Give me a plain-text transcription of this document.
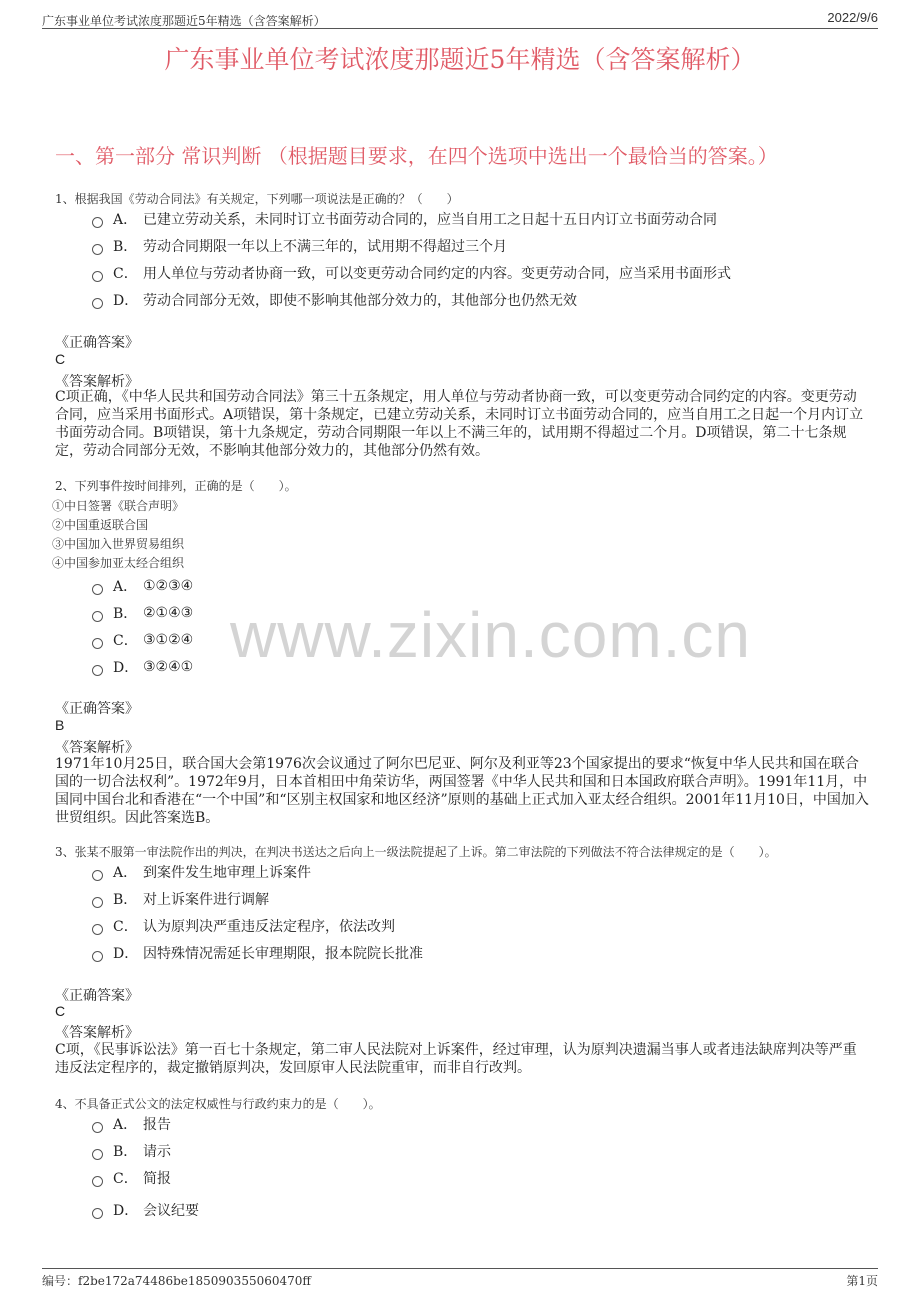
广东事业单位考试浓度那题近5年精选（含答案解析）	2022/9/6
广东事业单位考试浓度那题近5年精选（含答案解析）
一、第一部分 常识判断 （根据题目要求，在四个选项中选出一个最恰当的答案。）
www.zixin.com.cn
1、根据我国《劳动合同法》有关规定，下列哪一项说法是正确的？（　　）
A． 已建立劳动关系，未同时订立书面劳动合同的，应当自用工之日起十五日内订立书面劳动合同
B． 劳动合同期限一年以上不满三年的，试用期不得超过三个月
C． 用人单位与劳动者协商一致，可以变更劳动合同约定的内容。变更劳动合同，应当采用书面形式
D． 劳动合同部分无效，即使不影响其他部分效力的，其他部分也仍然无效
《正确答案》
C
《答案解析》

C项正确，《中华人民共和国劳动合同法》第三十五条规定，用人单位与劳动者协商一致，可以变更劳动合同约定的内容。变更劳动合同，应当采用书面形式。A项错误，第十条规定，已建立劳动关系，未同时订立书面劳动合同的，应当自用工之日起一个月内订立书面劳动合同。B项错误，第十九条规定，劳动合同期限一年以上不满三年的，试用期不得超过二个月。D项错误，第二十七条规定，劳动合同部分无效，不影响其他部分效力的，其他部分仍然有效。

2、下列事件按时间排列，正确的是（　　）。
①中日签署《联合声明》
②中国重返联合国
③中国加入世界贸易组织
④中国参加亚太经合组织
A． ①②③④
B． ②①④③
C． ③①②④
D． ③②④①
《正确答案》
B
《答案解析》

1971年10月25日，联合国大会第1976次会议通过了阿尔巴尼亚、阿尔及利亚等23个国家提出的要求“恢复中华人民共和国在联合国的一切合法权利”。1972年9月，日本首相田中角荣访华，两国签署《中华人民共和国和日本国政府联合声明》。1991年11月，中国同中国台北和香港在“一个中国”和“区别主权国家和地区经济”原则的基础上正式加入亚太经合组织。2001年11月10日，中国加入世贸组织。因此答案选B。

3、张某不服第一审法院作出的判决，在判决书送达之后向上一级法院提起了上诉。第二审法院的下列做法不符合法律规定的是（　　）。
A． 到案件发生地审理上诉案件
B． 对上诉案件进行调解
C． 认为原判决严重违反法定程序，依法改判
D． 因特殊情况需延长审理期限，报本院院长批准
《正确答案》
C
《答案解析》

C项，《民事诉讼法》第一百七十条规定，第二审人民法院对上诉案件，经过审理，认为原判决遗漏当事人或者违法缺席判决等严重违反法定程序的，裁定撤销原判决，发回原审人民法院重审，而非自行改判。

4、不具备正式公文的法定权威性与行政约束力的是（　　）。
A． 报告
B． 请示
C． 简报
D． 会议纪要
编号：f2be172a74486be185090355060470ff	第1页
